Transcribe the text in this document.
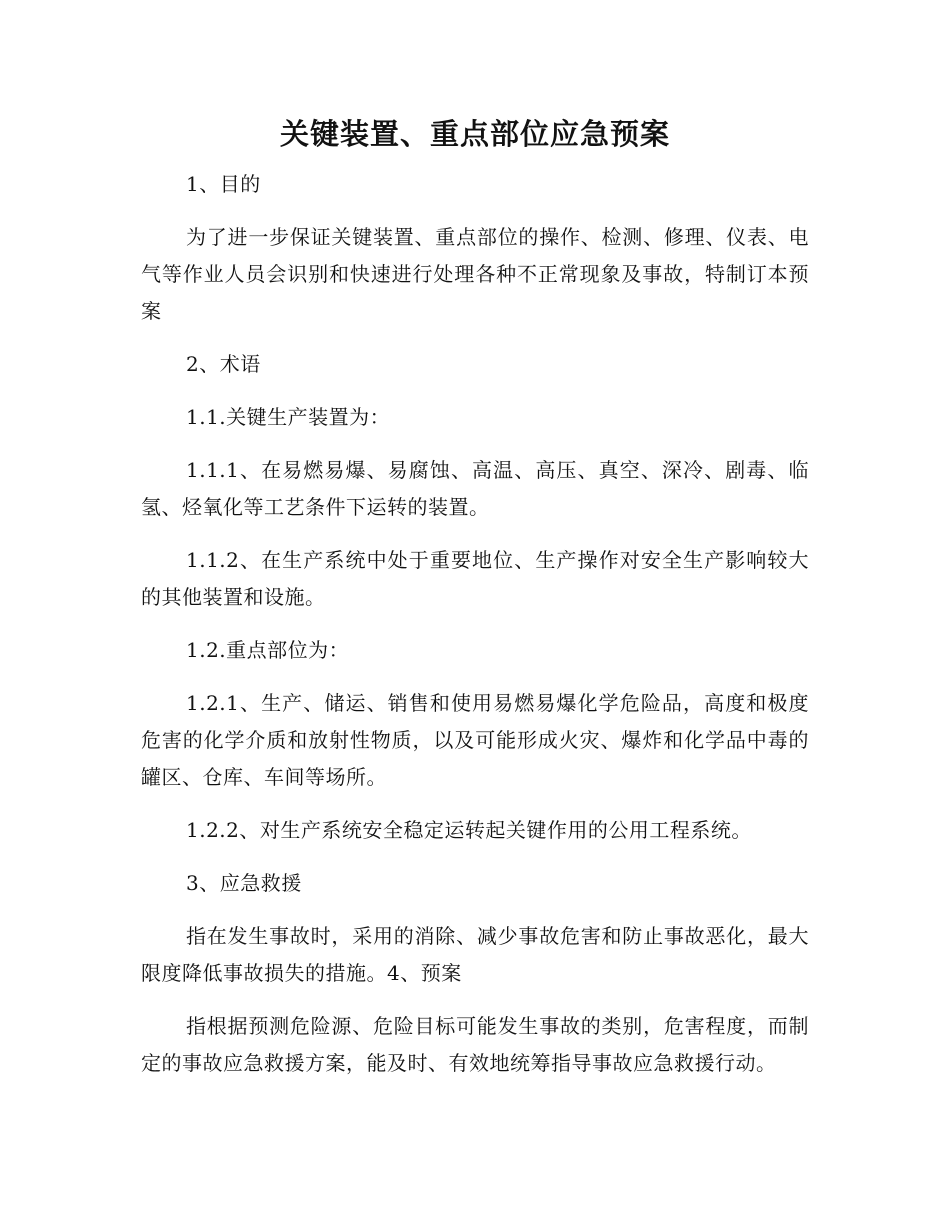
关键装置、重点部位应急预案

1、目的

为了进一步保证关键装置、重点部位的操作、检测、修理、仪表、电气等作业人员会识别和快速进行处理各种不正常现象及事故，特制订本预案

2、术语

1.1.关键生产装置为：

1.1.1、在易燃易爆、易腐蚀、高温、高压、真空、深冷、剧毒、临氢、烃氧化等工艺条件下运转的装置。

1.1.2、在生产系统中处于重要地位、生产操作对安全生产影响较大的其他装置和设施。

1.2.重点部位为：

1.2.1、生产、储运、销售和使用易燃易爆化学危险品，高度和极度危害的化学介质和放射性物质，以及可能形成火灾、爆炸和化学品中毒的罐区、仓库、车间等场所。

1.2.2、对生产系统安全稳定运转起关键作用的公用工程系统。

3、应急救援

指在发生事故时，采用的消除、减少事故危害和防止事故恶化，最大限度降低事故损失的措施。4、预案

指根据预测危险源、危险目标可能发生事故的类别，危害程度，而制定的事故应急救援方案，能及时、有效地统筹指导事故应急救援行动。
